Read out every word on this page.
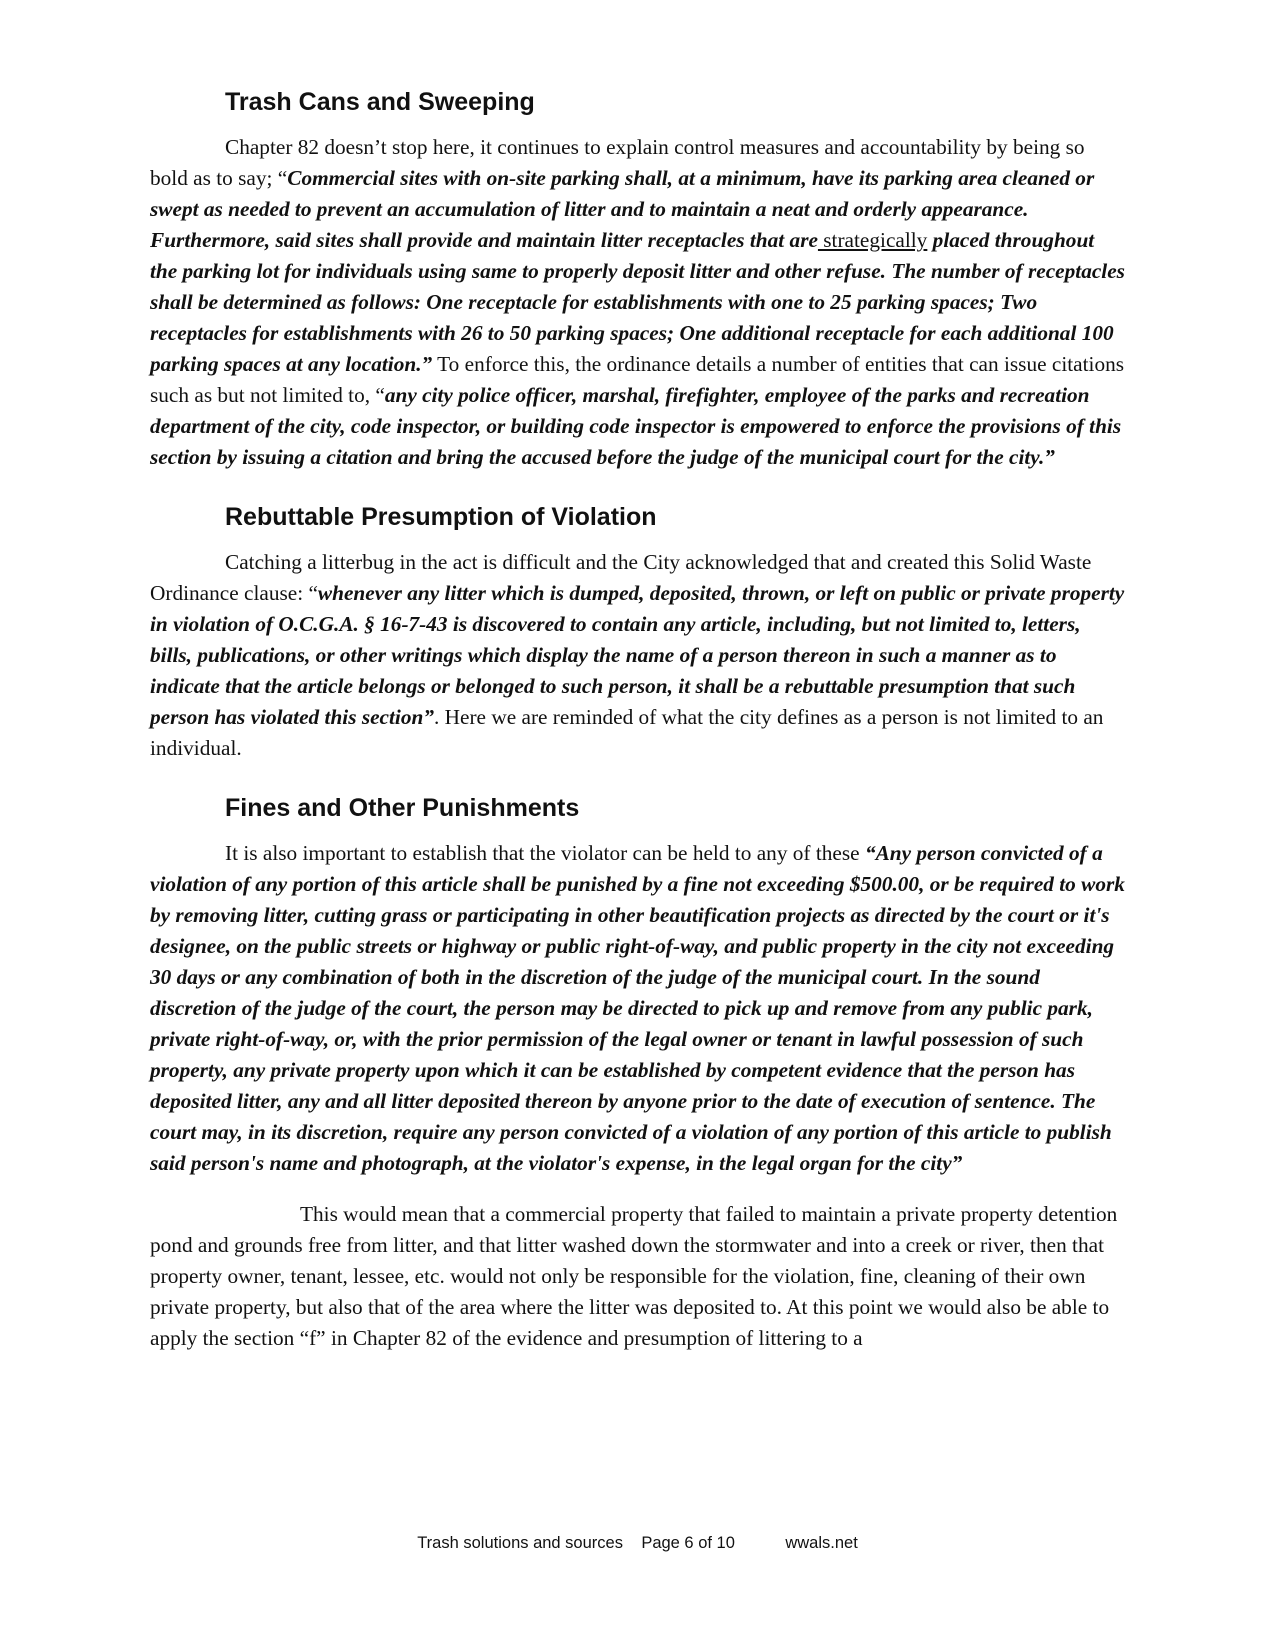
Trash Cans and Sweeping

Chapter 82 doesn’t stop here, it continues to explain control measures and accountability by being so bold as to say; “Commercial sites with on-site parking shall, at a minimum, have its parking area cleaned or swept as needed to prevent an accumulation of litter and to maintain a neat and orderly appearance. Furthermore, said sites shall provide and maintain litter receptacles that are strategically placed throughout the parking lot for individuals using same to properly deposit litter and other refuse. The number of receptacles shall be determined as follows: One receptacle for establishments with one to 25 parking spaces; Two receptacles for establishments with 26 to 50 parking spaces; One additional receptacle for each additional 100 parking spaces at any location.” To enforce this, the ordinance details a number of entities that can issue citations such as but not limited to, “any city police officer, marshal, firefighter, employee of the parks and recreation department of the city, code inspector, or building code inspector is empowered to enforce the provisions of this section by issuing a citation and bring the accused before the judge of the municipal court for the city.”

Rebuttable Presumption of Violation

Catching a litterbug in the act is difficult and the City acknowledged that and created this Solid Waste Ordinance clause: “whenever any litter which is dumped, deposited, thrown, or left on public or private property in violation of O.C.G.A. § 16-7-43 is discovered to contain any article, including, but not limited to, letters, bills, publications, or other writings which display the name of a person thereon in such a manner as to indicate that the article belongs or belonged to such person, it shall be a rebuttable presumption that such person has violated this section”. Here we are reminded of what the city defines as a person is not limited to an individual.

Fines and Other Punishments

It is also important to establish that the violator can be held to any of these “Any person convicted of a violation of any portion of this article shall be punished by a fine not exceeding $500.00, or be required to work by removing litter, cutting grass or participating in other beautification projects as directed by the court or it's designee, on the public streets or highway or public right-of-way, and public property in the city not exceeding 30 days or any combination of both in the discretion of the judge of the municipal court. In the sound discretion of the judge of the court, the person may be directed to pick up and remove from any public park, private right-of-way, or, with the prior permission of the legal owner or tenant in lawful possession of such property, any private property upon which it can be established by competent evidence that the person has deposited litter, any and all litter deposited thereon by anyone prior to the date of execution of sentence. The court may, in its discretion, require any person convicted of a violation of any portion of this article to publish said person's name and photograph, at the violator's expense, in the legal organ for the city”

This would mean that a commercial property that failed to maintain a private property detention pond and grounds free from litter, and that litter washed down the stormwater and into a creek or river, then that property owner, tenant, lessee, etc. would not only be responsible for the violation, fine, cleaning of their own private property, but also that of the area where the litter was deposited to. At this point we would also be able to apply the section “f” in Chapter 82 of the evidence and presumption of littering to a

Trash solutions and sources Page 6 of 10	wwals.net
